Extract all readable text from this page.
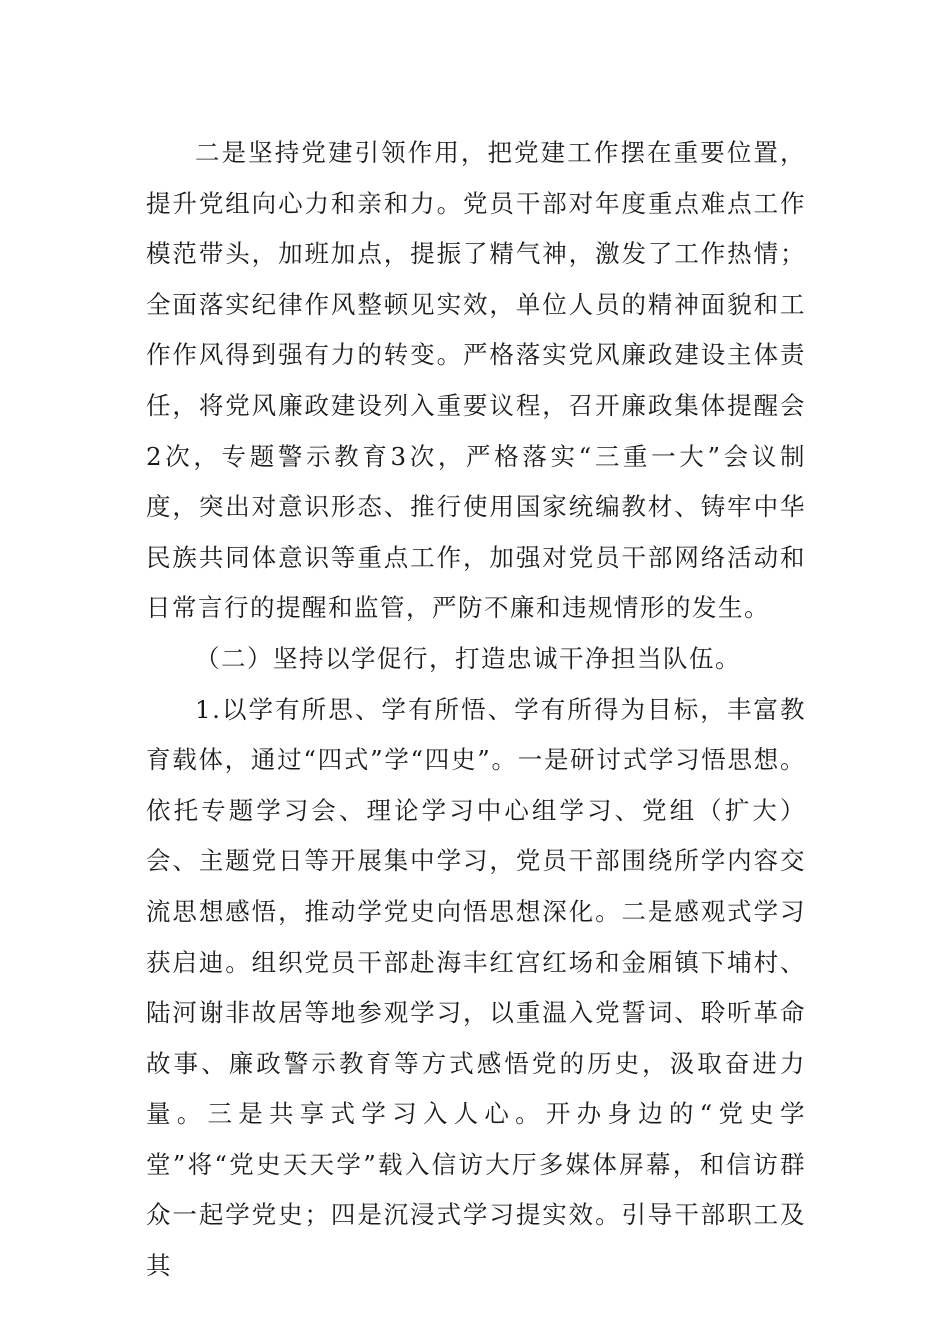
二是坚持党建引领作用，把党建工作摆在重要位置，提升党组向心力和亲和力。党员干部对年度重点难点工作模范带头，加班加点，提振了精气神，激发了工作热情；全面落实纪律作风整顿见实效，单位人员的精神面貌和工作作风得到强有力的转变。严格落实党风廉政建设主体责任，将党风廉政建设列入重要议程，召开廉政集体提醒会2次，专题警示教育3次，严格落实“三重一大”会议制度，突出对意识形态、推行使用国家统编教材、铸牢中华民族共同体意识等重点工作，加强对党员干部网络活动和日常言行的提醒和监管，严防不廉和违规情形的发生。

（二）坚持以学促行，打造忠诚干净担当队伍。

1.以学有所思、学有所悟、学有所得为目标，丰富教育载体，通过“四式”学“四史”。一是研讨式学习悟思想。依托专题学习会、理论学习中心组学习、党组（扩大）会、主题党日等开展集中学习，党员干部围绕所学内容交流思想感悟，推动学党史向悟思想深化。二是感观式学习获启迪。组织党员干部赴海丰红宫红场和金厢镇下埔村、陆河谢非故居等地参观学习，以重温入党誓词、聆听革命故事、廉政警示教育等方式感悟党的历史，汲取奋进力量。三是共享式学习入人心。开办身边的“党史学堂”将“党史天天学”载入信访大厅多媒体屏幕，和信访群众一起学党史；四是沉浸式学习提实效。引导干部职工及其
